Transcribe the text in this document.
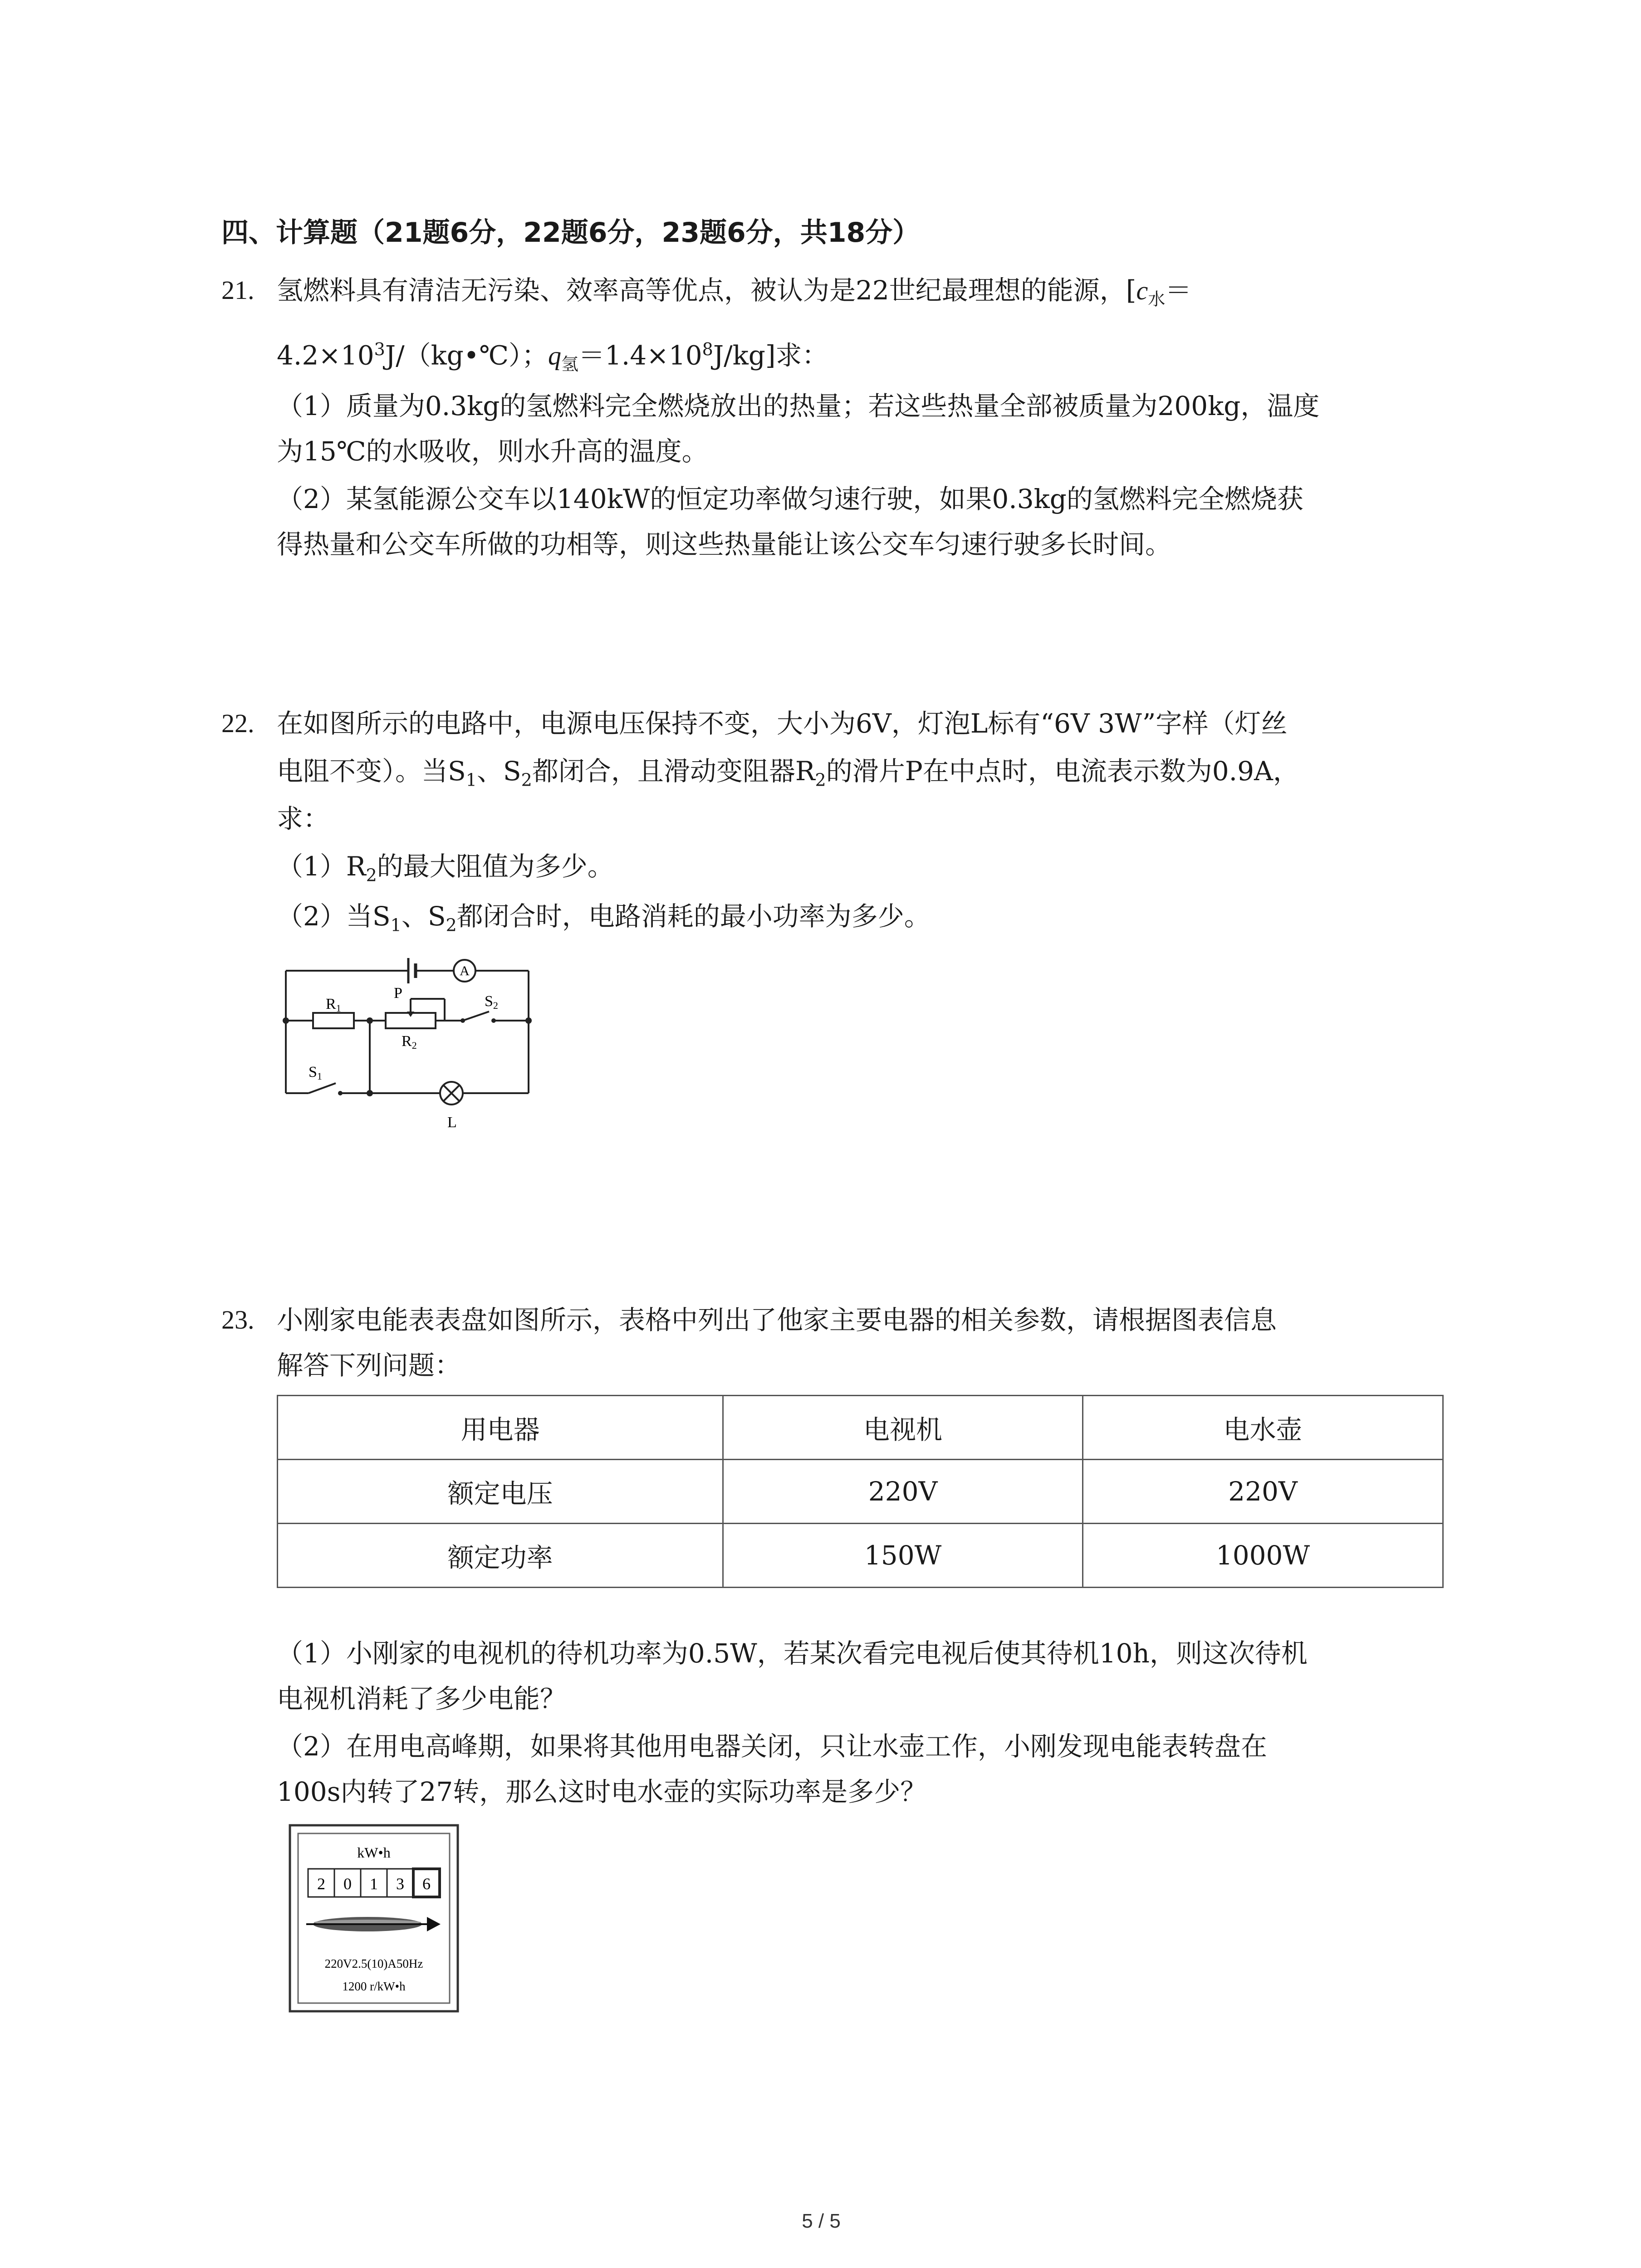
四、计算题（21题6分，22题6分，23题6分，共18分）
21. 氢燃料具有清洁无污染、效率高等优点，被认为是22世纪最理想的能源，[$c_水=$
$4.2\times 10^3J/(kg•℃)$；$q_氢=1.4\times 10^8J/kg$]求：
（1）质量为0.3kg的氢燃料完全燃烧放出的热量；若这些热量全部被质量为200kg，温度
为15℃的水吸收，则水升高的温度。
（2）某氢能源公交车以140kW的恒定功率做匀速行驶，如果0.3kg的氢燃料完全燃烧获
得热量和公交车所做的功相等，则这些热量能让该公交车匀速行驶多长时间。
22. 在如图所示的电路中，电源电压保持不变，大小为6V，灯泡L标有“6V 3W”字样（灯丝
电阻不变）。当$S_1$、$S_2$都闭合，且滑动变阻器$R_2$的滑片P在中点时，电流表示数为0.9A，
求：
$(1)R_2$的最大阻值为多少。
（2）当$S_1$、$S_2$都闭合时，电路消耗的最小功率为多少。
A
R1
P
R2
S2
S1
L
23. 小刚家电能表表盘如图所示，表格中列出了他家主要电器的相关参数，请根据图表信息
解答下列问题：
用电器	电视机	电水壶
额定电压	220V	220V
额定功率	150W	1000W
（1）小刚家的电视机的待机功率为0.5W，若某次看完电视后使其待机10h，则这次待机
电视机消耗了多少电能？
（2）在用电高峰期，如果将其他用电器关闭，只让水壶工作，小刚发现电能表转盘在
100s内转了27转，那么这时电水壶的实际功率是多少？
kW•h
2 0 1 3 6
220V2.5(10)A50Hz
1200 r/kW•h
5 / 5
